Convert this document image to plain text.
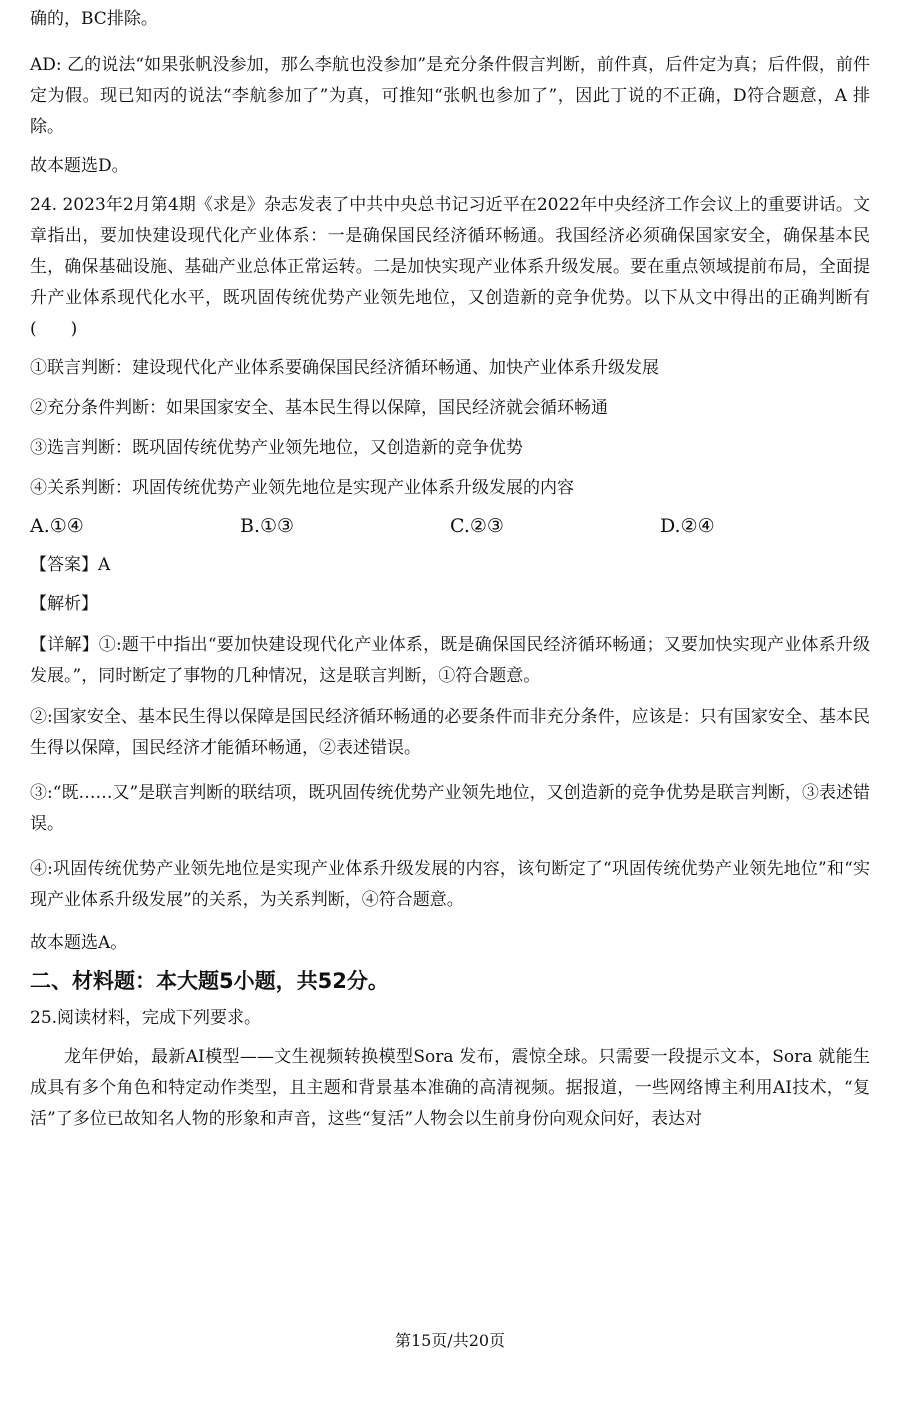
确的，BC排除。

AD: 乙的说法“如果张帆没参加，那么李航也没参加”是充分条件假言判断，前件真，后件定为真；后件假，前件定为假。现已知丙的说法“李航参加了”为真，可推知“张帆也参加了”，因此丁说的不正确，D符合题意，A 排除。

故本题选D。

24. 2023年2月第4期《求是》杂志发表了中共中央总书记习近平在2022年中央经济工作会议上的重要讲话。文章指出，要加快建设现代化产业体系：一是确保国民经济循环畅通。我国经济必须确保国家安全，确保基本民生，确保基础设施、基础产业总体正常运转。二是加快实现产业体系升级发展。要在重点领域提前布局，全面提升产业体系现代化水平，既巩固传统优势产业领先地位，又创造新的竞争优势。以下从文中得出的正确判断有(　　)

①联言判断：建设现代化产业体系要确保国民经济循环畅通、加快产业体系升级发展

②充分条件判断：如果国家安全、基本民生得以保障，国民经济就会循环畅通

③选言判断：既巩固传统优势产业领先地位，又创造新的竞争优势

④关系判断：巩固传统优势产业领先地位是实现产业体系升级发展的内容

A.①④	B.①③	C.②③	D.②④

【答案】A

【解析】

【详解】①:题干中指出“要加快建设现代化产业体系，既是确保国民经济循环畅通；又要加快实现产业体系升级发展。”，同时断定了事物的几种情况，这是联言判断，①符合题意。

②:国家安全、基本民生得以保障是国民经济循环畅通的必要条件而非充分条件，应该是：只有国家安全、基本民生得以保障，国民经济才能循环畅通，②表述错误。

③:“既……又”是联言判断的联结项，既巩固传统优势产业领先地位，又创造新的竞争优势是联言判断，③表述错误。

④:巩固传统优势产业领先地位是实现产业体系升级发展的内容，该句断定了“巩固传统优势产业领先地位”和“实现产业体系升级发展”的关系，为关系判断，④符合题意。

故本题选A。

二、材料题：本大题5小题，共52分。

25.阅读材料，完成下列要求。

龙年伊始，最新AI模型——文生视频转换模型Sora 发布，震惊全球。只需要一段提示文本，Sora 就能生成具有多个角色和特定动作类型，且主题和背景基本准确的高清视频。据报道，一些网络博主利用AI技术，“复活”了多位已故知名人物的形象和声音，这些“复活”人物会以生前身份向观众问好，表达对

第15页/共20页
